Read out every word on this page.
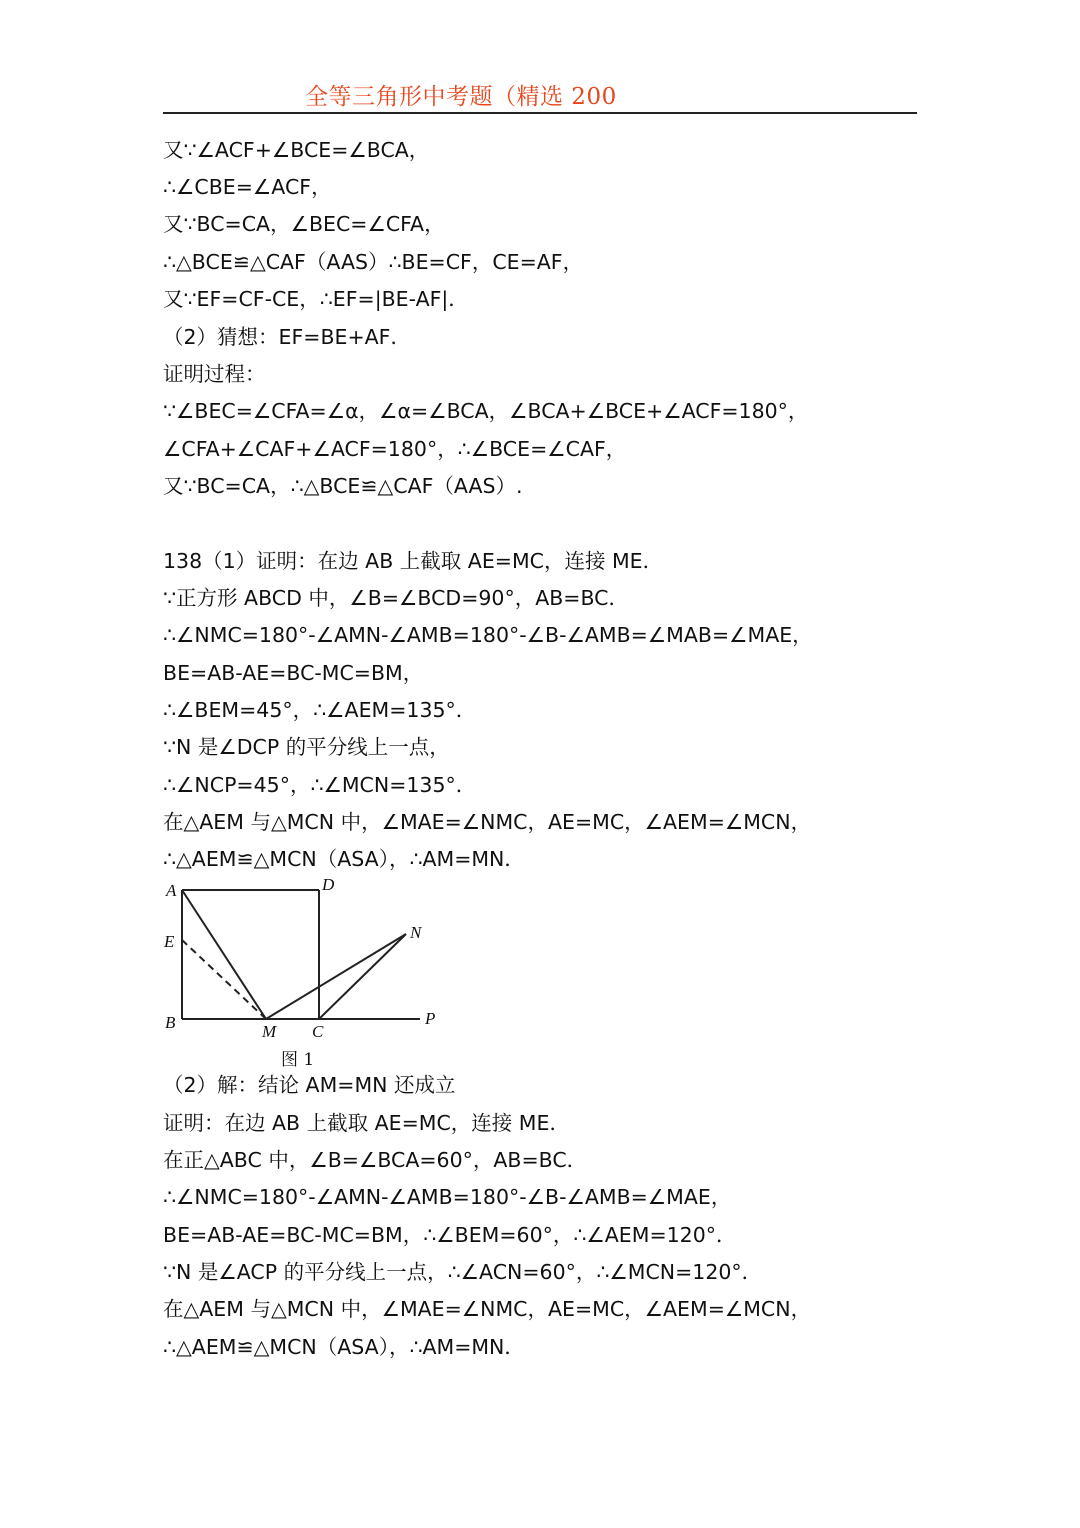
全等三角形中考题（精选 200
又∵∠ACF+∠BCE=∠BCA，
∴∠CBE=∠ACF，
又∵BC=CA，∠BEC=∠CFA，
∴△BCE≌△CAF（AAS）∴BE=CF，CE=AF，
又∵EF=CF-CE，∴EF=|BE-AF|．
（2）猜想：EF=BE+AF．
证明过程：
∵∠BEC=∠CFA=∠α，∠α=∠BCA，∠BCA+∠BCE+∠ACF=180°，
∠CFA+∠CAF+∠ACF=180°，∴∠BCE=∠CAF，
又∵BC=CA，∴△BCE≌△CAF（AAS）.
138（1）证明：在边 AB 上截取 AE=MC，连接 ME．
∵正方形 ABCD 中，∠B=∠BCD=90°，AB=BC．
∴∠NMC=180°-∠AMN-∠AMB=180°-∠B-∠AMB=∠MAB=∠MAE，
BE=AB-AE=BC-MC=BM，
∴∠BEM=45°，∴∠AEM=135°．
∵N 是∠DCP 的平分线上一点，
∴∠NCP=45°，∴∠MCN=135°．
在△AEM 与△MCN 中，∠MAE=∠NMC，AE=MC，∠AEM=∠MCN，
∴△AEM≌△MCN（ASA），∴AM=MN．
A	D
E	N
B	M C
P
图 1
（2）解：结论 AM=MN 还成立
证明：在边 AB 上截取 AE=MC，连接 ME．
在正△ABC 中，∠B=∠BCA=60°，AB=BC．
∴∠NMC=180°-∠AMN-∠AMB=180°-∠B-∠AMB=∠MAE，
BE=AB-AE=BC-MC=BM，∴∠BEM=60°，∴∠AEM=120°．
∵N 是∠ACP 的平分线上一点，∴∠ACN=60°，∴∠MCN=120°．
在△AEM 与△MCN 中，∠MAE=∠NMC，AE=MC，∠AEM=∠MCN，
∴△AEM≌△MCN（ASA），∴AM=MN．
